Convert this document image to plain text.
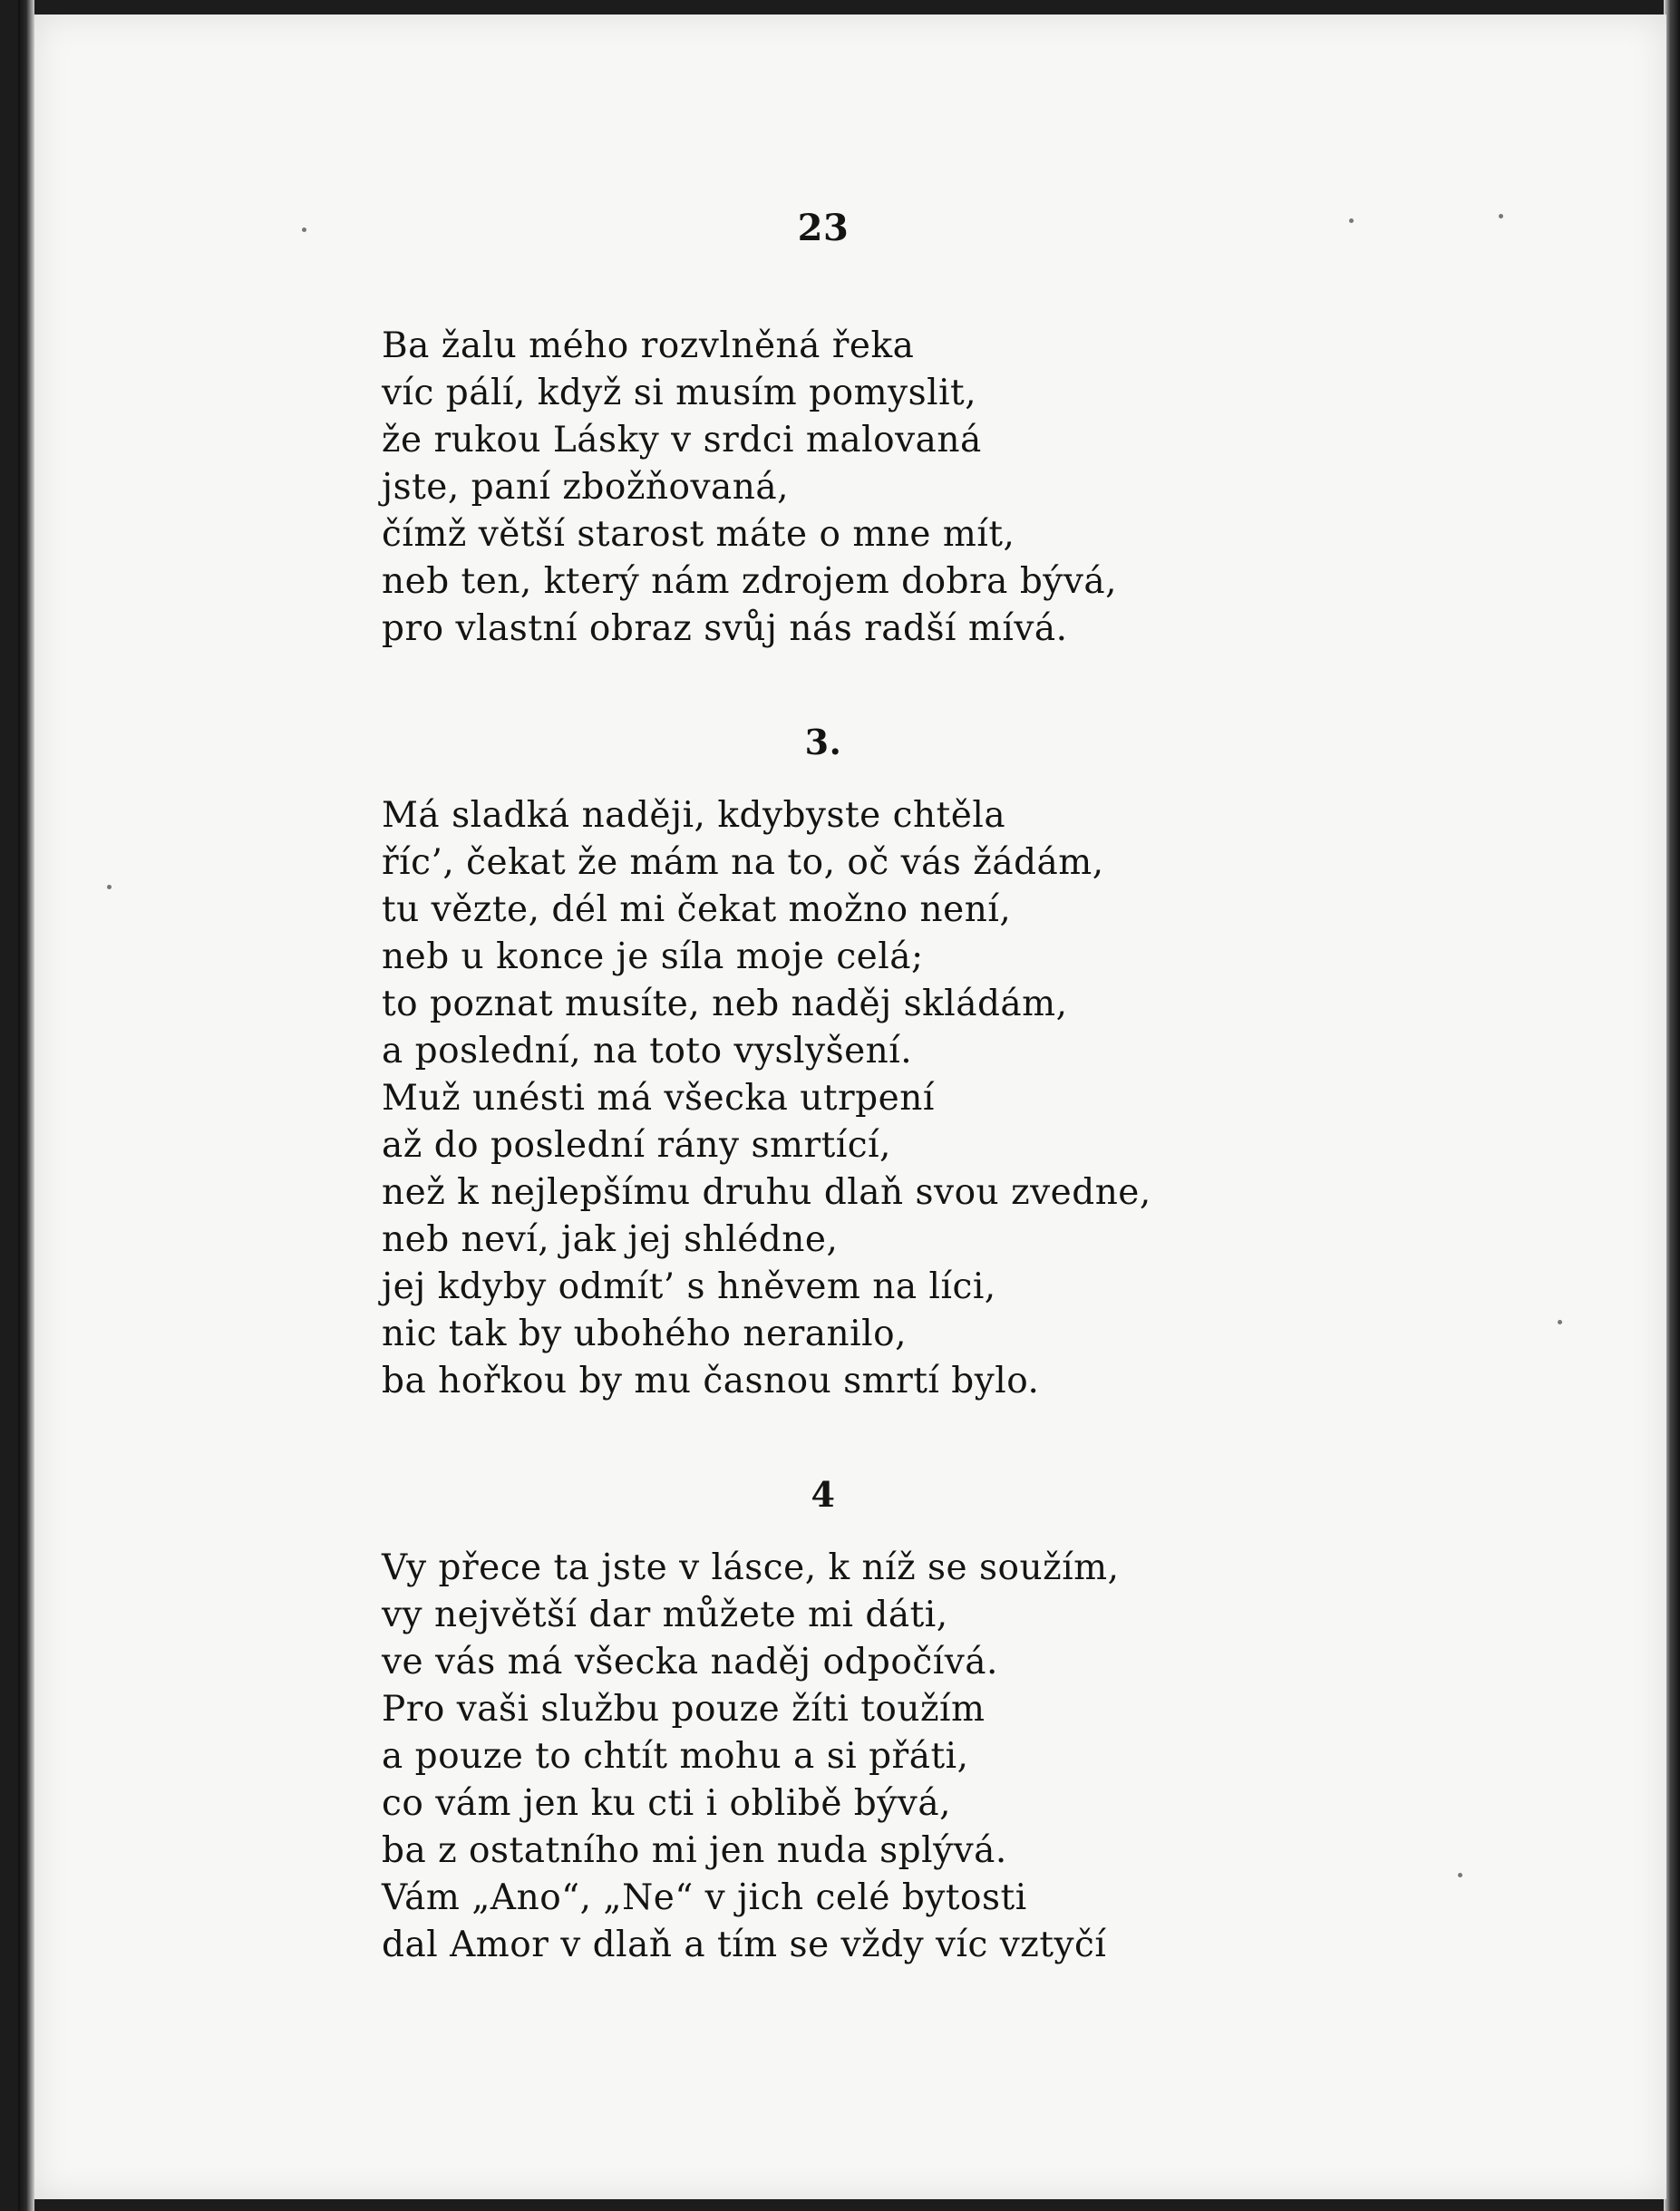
23
Ba žalu mého rozvlněná řeka
víc pálí, když si musím pomyslit,
že rukou Lásky v srdci malovaná
jste, paní zbožňovaná,
čímž větší starost máte o mne mít,
neb ten, který nám zdrojem dobra bývá,
pro vlastní obraz svůj nás radší mívá.
3.
Má sladká naději, kdybyste chtěla
říc’, čekat že mám na to, oč vás žádám,
tu vězte, dél mi čekat možno není,
neb u konce je síla moje celá;
to poznat musíte, neb naděj skládám,
a poslední, na toto vyslyšení.
Muž unésti má všecka utrpení
až do poslední rány smrtící,
než k nejlepšímu druhu dlaň svou zvedne,
neb neví, jak jej shlédne,
jej kdyby odmít’ s hněvem na líci,
nic tak by ubohého neranilo,
ba hořkou by mu časnou smrtí bylo.
4
Vy přece ta jste v lásce, k níž se soužím,
vy největší dar můžete mi dáti,
ve vás má všecka naděj odpočívá.
Pro vaši službu pouze žíti toužím
a pouze to chtít mohu a si přáti,
co vám jen ku cti i oblibě bývá,
ba z ostatního mi jen nuda splývá.
Vám „Ano“, „Ne“ v jich celé bytosti
dal Amor v dlaň a tím se vždy víc vztyčí
